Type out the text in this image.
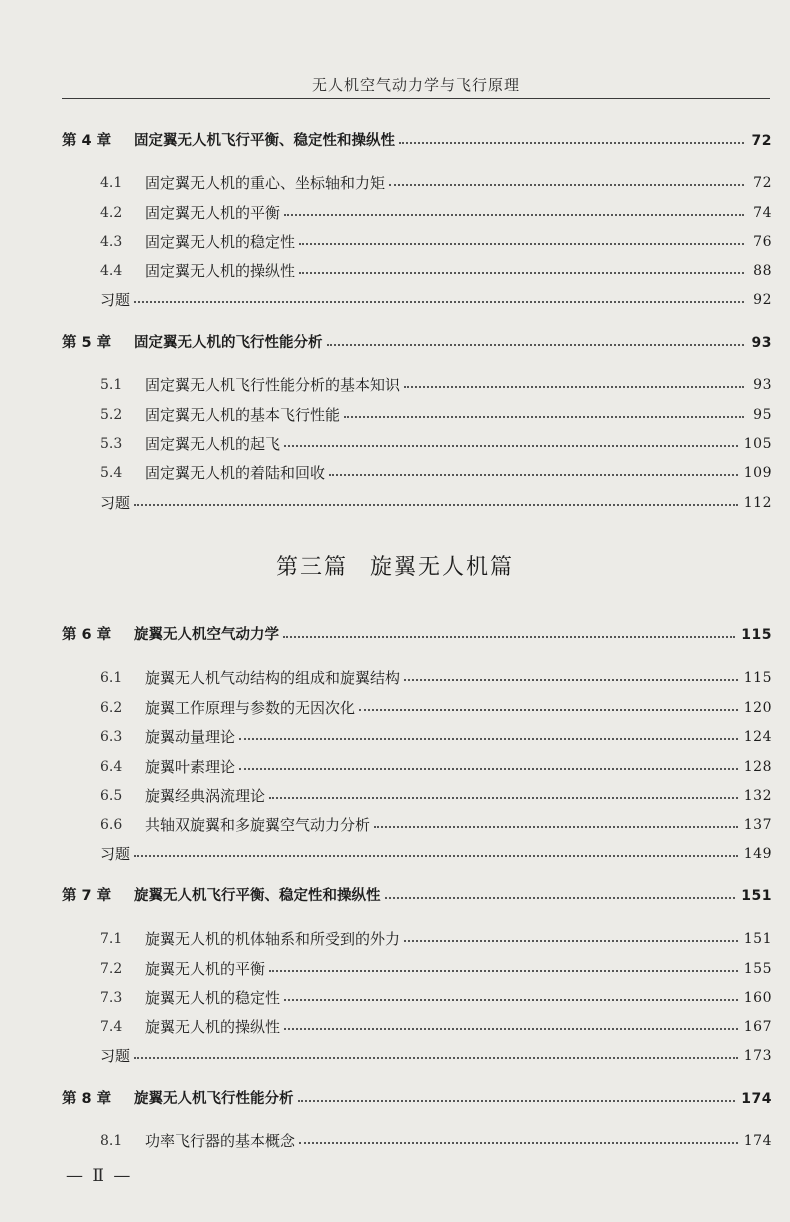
无人机空气动力学与飞行原理
第 4 章	固定翼无人机飞行平衡、稳定性和操纵性	72
4.1	固定翼无人机的重心、坐标轴和力矩	72
4.2	固定翼无人机的平衡	74
4.3	固定翼无人机的稳定性	76
4.4	固定翼无人机的操纵性	88
习题	92
第 5 章	固定翼无人机的飞行性能分析	93
5.1	固定翼无人机飞行性能分析的基本知识	93
5.2	固定翼无人机的基本飞行性能	95
5.3	固定翼无人机的起飞	105
5.4	固定翼无人机的着陆和回收	109
习题	112
第三篇 旋翼无人机篇
第 6 章	旋翼无人机空气动力学	115
6.1	旋翼无人机气动结构的组成和旋翼结构	115
6.2	旋翼工作原理与参数的无因次化	120
6.3	旋翼动量理论	124
6.4	旋翼叶素理论	128
6.5	旋翼经典涡流理论	132
6.6	共轴双旋翼和多旋翼空气动力分析	137
习题	149
第 7 章	旋翼无人机飞行平衡、稳定性和操纵性	151
7.1	旋翼无人机的机体轴系和所受到的外力	151
7.2	旋翼无人机的平衡	155
7.3	旋翼无人机的稳定性	160
7.4	旋翼无人机的操纵性	167
习题	173
第 8 章	旋翼无人机飞行性能分析	174
8.1	功率飞行器的基本概念	174
— Ⅱ —
